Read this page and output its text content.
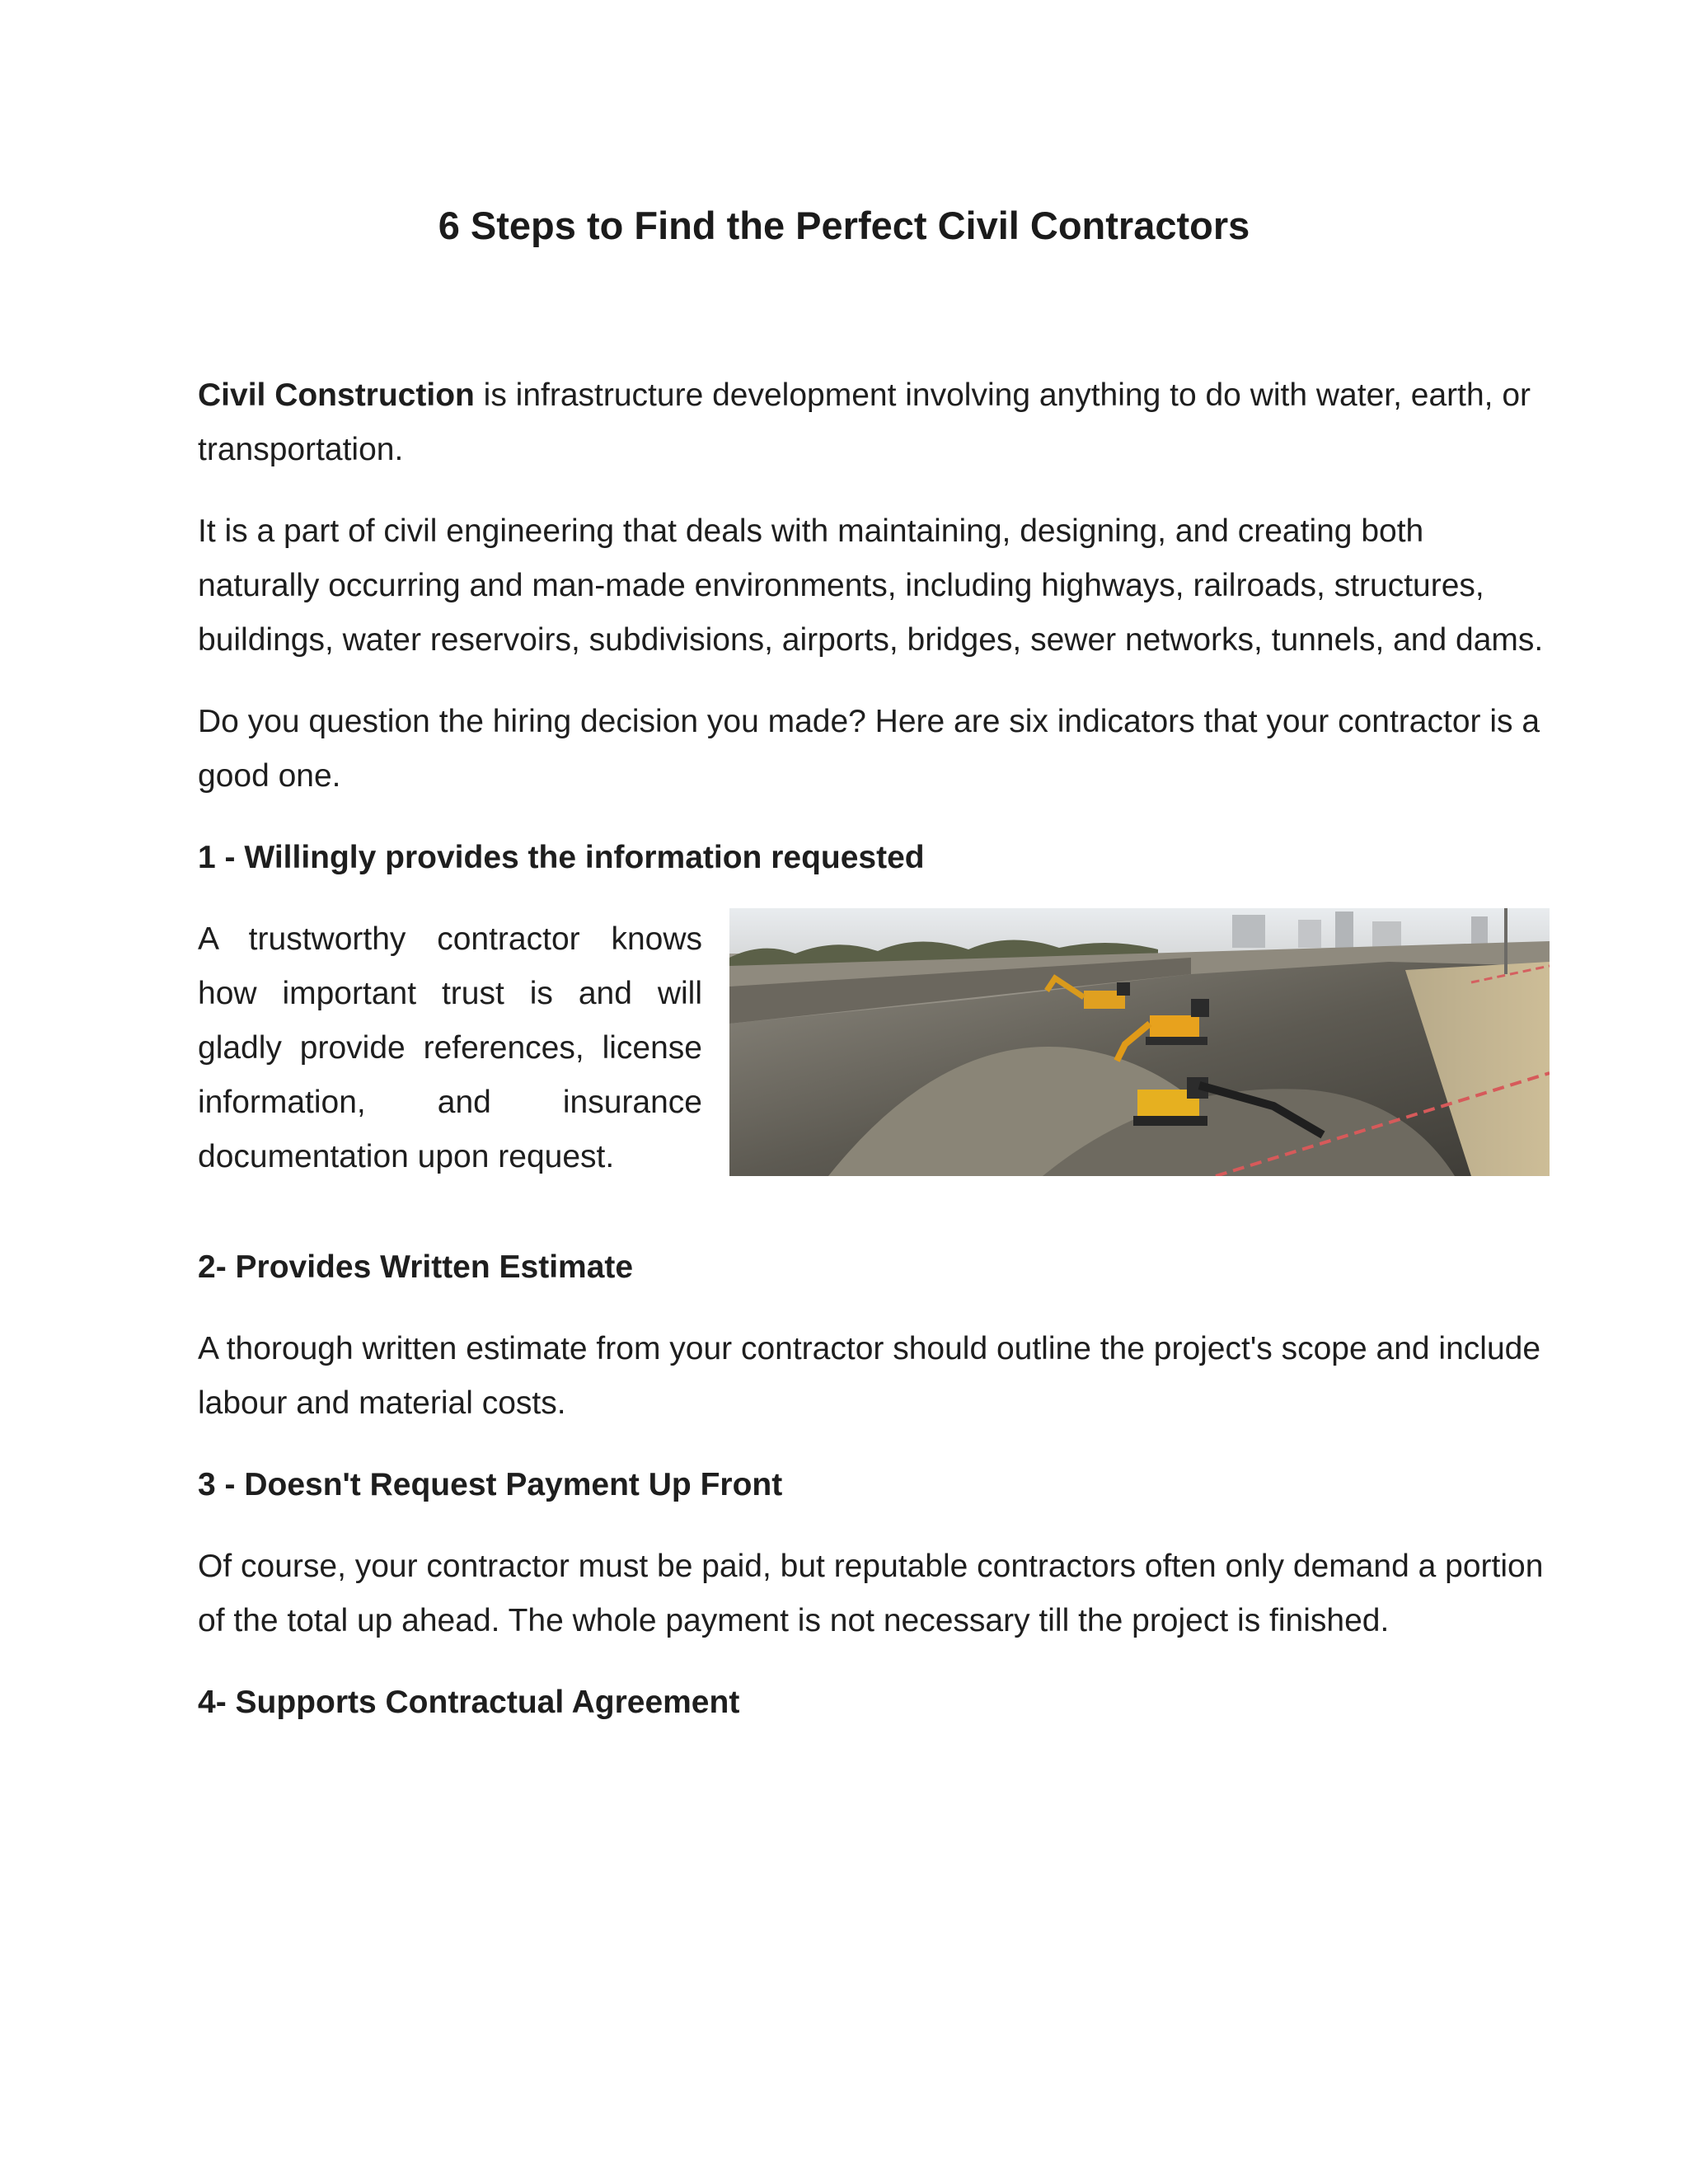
6 Steps to Find the Perfect Civil Contractors

Civil Construction is infrastructure development involving anything to do with water, earth, or transportation.

It is a part of civil engineering that deals with maintaining, designing, and creating both naturally occurring and man-made environments, including highways, railroads, structures, buildings, water reservoirs, subdivisions, airports, bridges, sewer networks, tunnels, and dams.

Do you question the hiring decision you made? Here are six indicators that your contractor is a good one.

1 - Willingly provides the information requested

A trustworthy contractor knows how important trust is and will gladly provide references, license information, and insurance documentation upon request.

2- Provides Written Estimate

A thorough written estimate from your contractor should outline the project's scope and include labour and material costs.

3 - Doesn't Request Payment Up Front

Of course, your contractor must be paid, but reputable contractors often only demand a portion of the total up ahead. The whole payment is not necessary till the project is finished.

4- Supports Contractual Agreement
